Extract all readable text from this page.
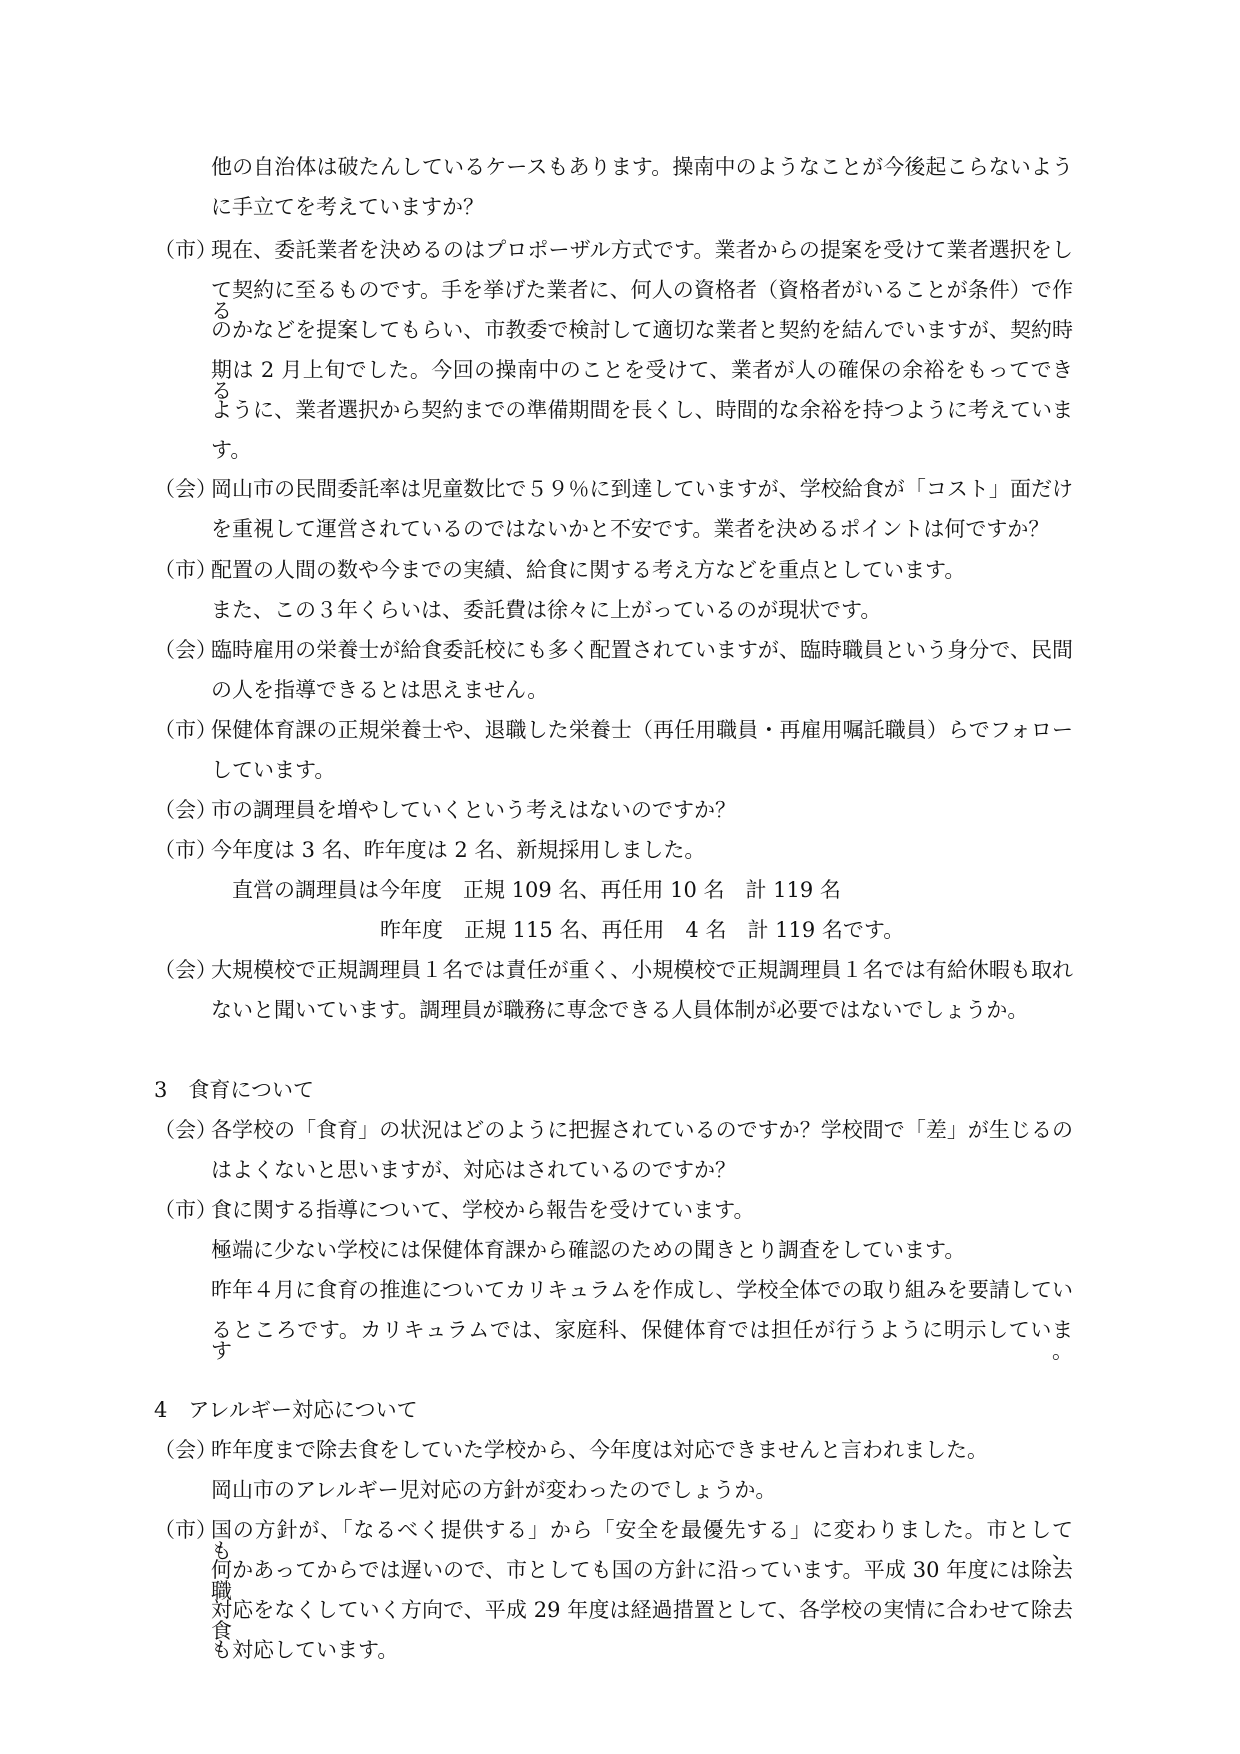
他の自治体は破たんしているケースもあります。操南中のようなことが今後起こらないよう
に手立てを考えていますか？
（市）
現在、委託業者を決めるのはプロポーザル方式です。業者からの提案を受けて業者選択をし
て契約に至るものです。手を挙げた業者に、何人の資格者（資格者がいることが条件）で作る
のかなどを提案してもらい、市教委で検討して適切な業者と契約を結んでいますが、契約時
期は 2 月上旬でした。今回の操南中のことを受けて、業者が人の確保の余裕をもってできる
ように、業者選択から契約までの準備期間を長くし、時間的な余裕を持つように考えていま
す。
（会）
岡山市の民間委託率は児童数比で５９％に到達していますが、学校給食が「コスト」面だけ
を重視して運営されているのではないかと不安です。業者を決めるポイントは何ですか？
（市）
配置の人間の数や今までの実績、給食に関する考え方などを重点としています。
また、この３年くらいは、委託費は徐々に上がっているのが現状です。
（会）
臨時雇用の栄養士が給食委託校にも多く配置されていますが、臨時職員という身分で、民間
の人を指導できるとは思えません。
（市）
保健体育課の正規栄養士や、退職した栄養士（再任用職員・再雇用嘱託職員）らでフォロー
しています。
（会）
市の調理員を増やしていくという考えはないのですか？
（市）
今年度は 3 名、昨年度は 2 名、新規採用しました。
直営の調理員は今年度　正規 109 名、再任用 10 名　計 119 名
昨年度　正規 115 名、再任用　4 名　計 119 名です。
（会）
大規模校で正規調理員１名では責任が重く、小規模校で正規調理員１名では有給休暇も取れ
ないと聞いています。調理員が職務に専念できる人員体制が必要ではないでしょうか。
3　食育について
（会）
各学校の「食育」の状況はどのように把握されているのですか？学校間で「差」が生じるの
はよくないと思いますが、対応はされているのですか？
（市）
食に関する指導について、学校から報告を受けています。
極端に少ない学校には保健体育課から確認のための聞きとり調査をしています。
昨年４月に食育の推進についてカリキュラムを作成し、学校全体での取り組みを要請してい
るところです。カリキュラムでは、家庭科、保健体育では担任が行うように明示しています。
4　アレルギー対応について
（会）
昨年度まで除去食をしていた学校から、今年度は対応できませんと言われました。
岡山市のアレルギー児対応の方針が変わったのでしょうか。
（市）
国の方針が、「なるべく提供する」から「安全を最優先する」に変わりました。市としても、
何かあってからでは遅いので、市としても国の方針に沿っています。平成 30 年度には除去職
対応をなくしていく方向で、平成 29 年度は経過措置として、各学校の実情に合わせて除去食
も対応しています。
